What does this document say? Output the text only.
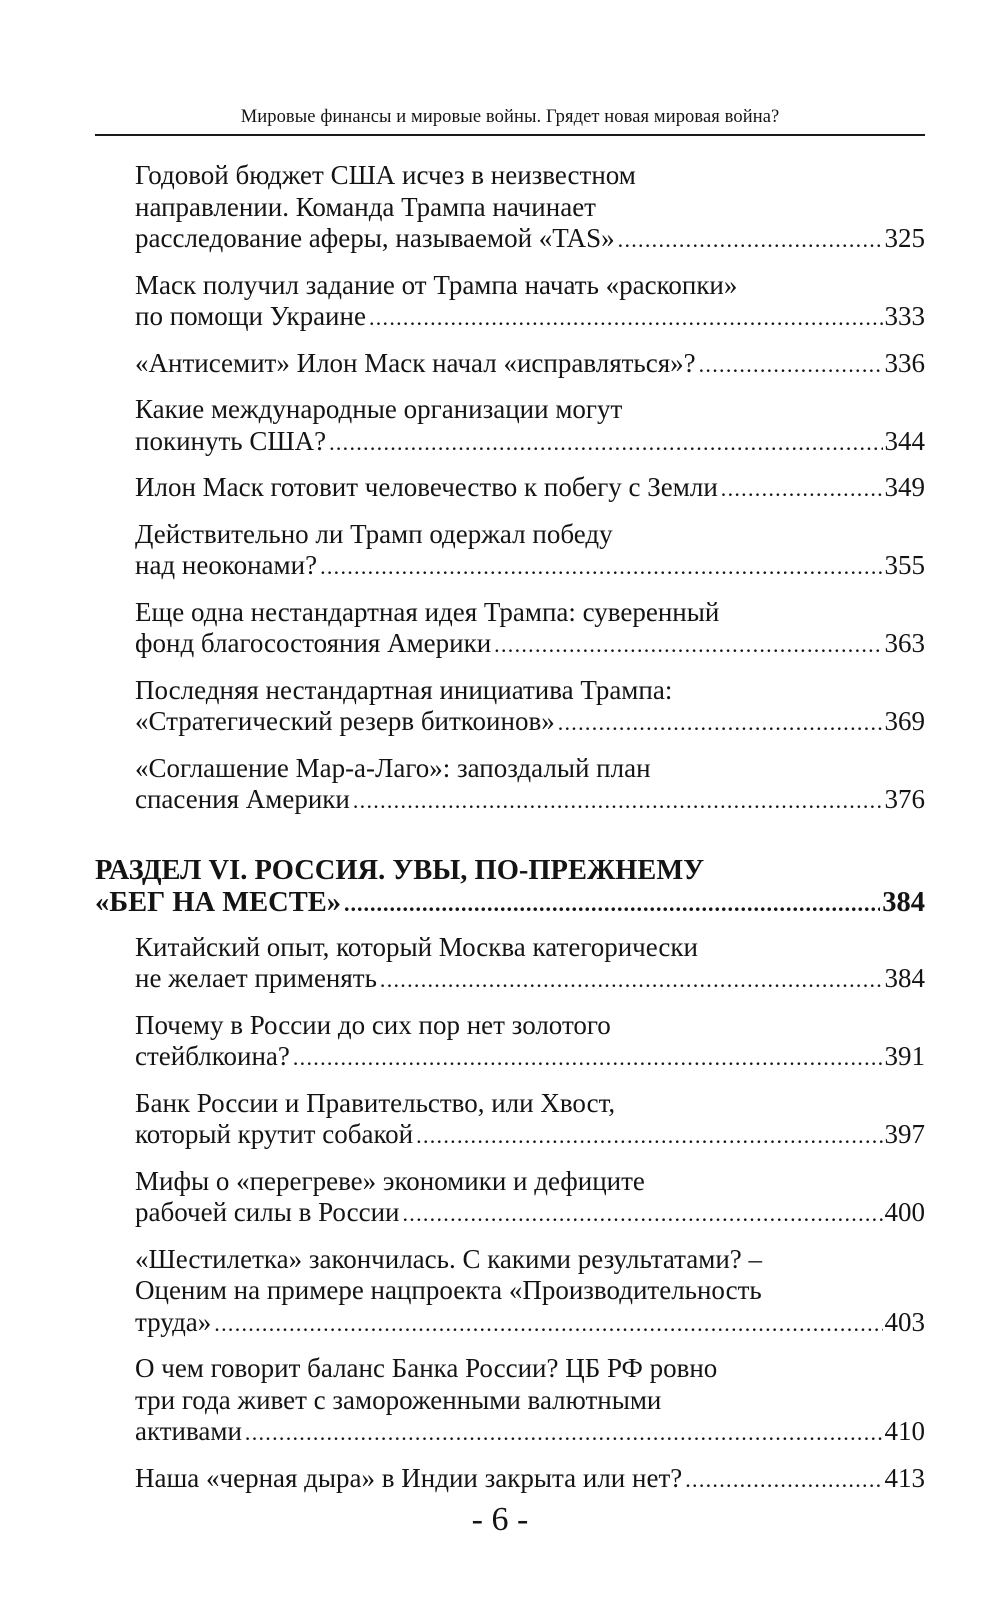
Мировые финансы и мировые войны. Грядет новая мировая война?
Годовой бюджет США исчез в неизвестном
направлении. Команда Трампа начинает
расследование аферы, называемой «TAS» .....	325
Маск получил задание от Трампа начать «раскопки»
по помощи Украине .....	333
«Антисемит» Илон Маск начал «исправляться»? .....	336
Какие международные организации могут
покинуть США? .....	344
Илон Маск готовит человечество к побегу с Земли .....	349
Действительно ли Трамп одержал победу
над неоконами? .....	355
Еще одна нестандартная идея Трампа: суверенный
фонд благосостояния Америки .....	363
Последняя нестандартная инициатива Трампа:
«Стратегический резерв биткоинов» .....	369
«Соглашение Мар-а-Лаго»: запоздалый план
спасения Америки .....	376
РАЗДЕЛ VI. РОССИЯ. УВЫ, ПО-ПРЕЖНЕМУ
«БЕГ НА МЕСТЕ» .....	384
Китайский опыт, который Москва категорически
не желает применять .....	384
Почему в России до сих пор нет золотого
стейблкоина? .....	391
Банк России и Правительство, или Хвост,
который крутит собакой .....	397
Мифы о «перегреве» экономики и дефиците
рабочей силы в России .....	400
«Шестилетка» закончилась. С какими результатами? –
Оценим на примере нацпроекта «Производительность
труда» .....	403
О чем говорит баланс Банка России? ЦБ РФ ровно
три года живет с замороженными валютными
активами .....	410
Наша «черная дыра» в Индии закрыта или нет? .....	413
- 6 -
